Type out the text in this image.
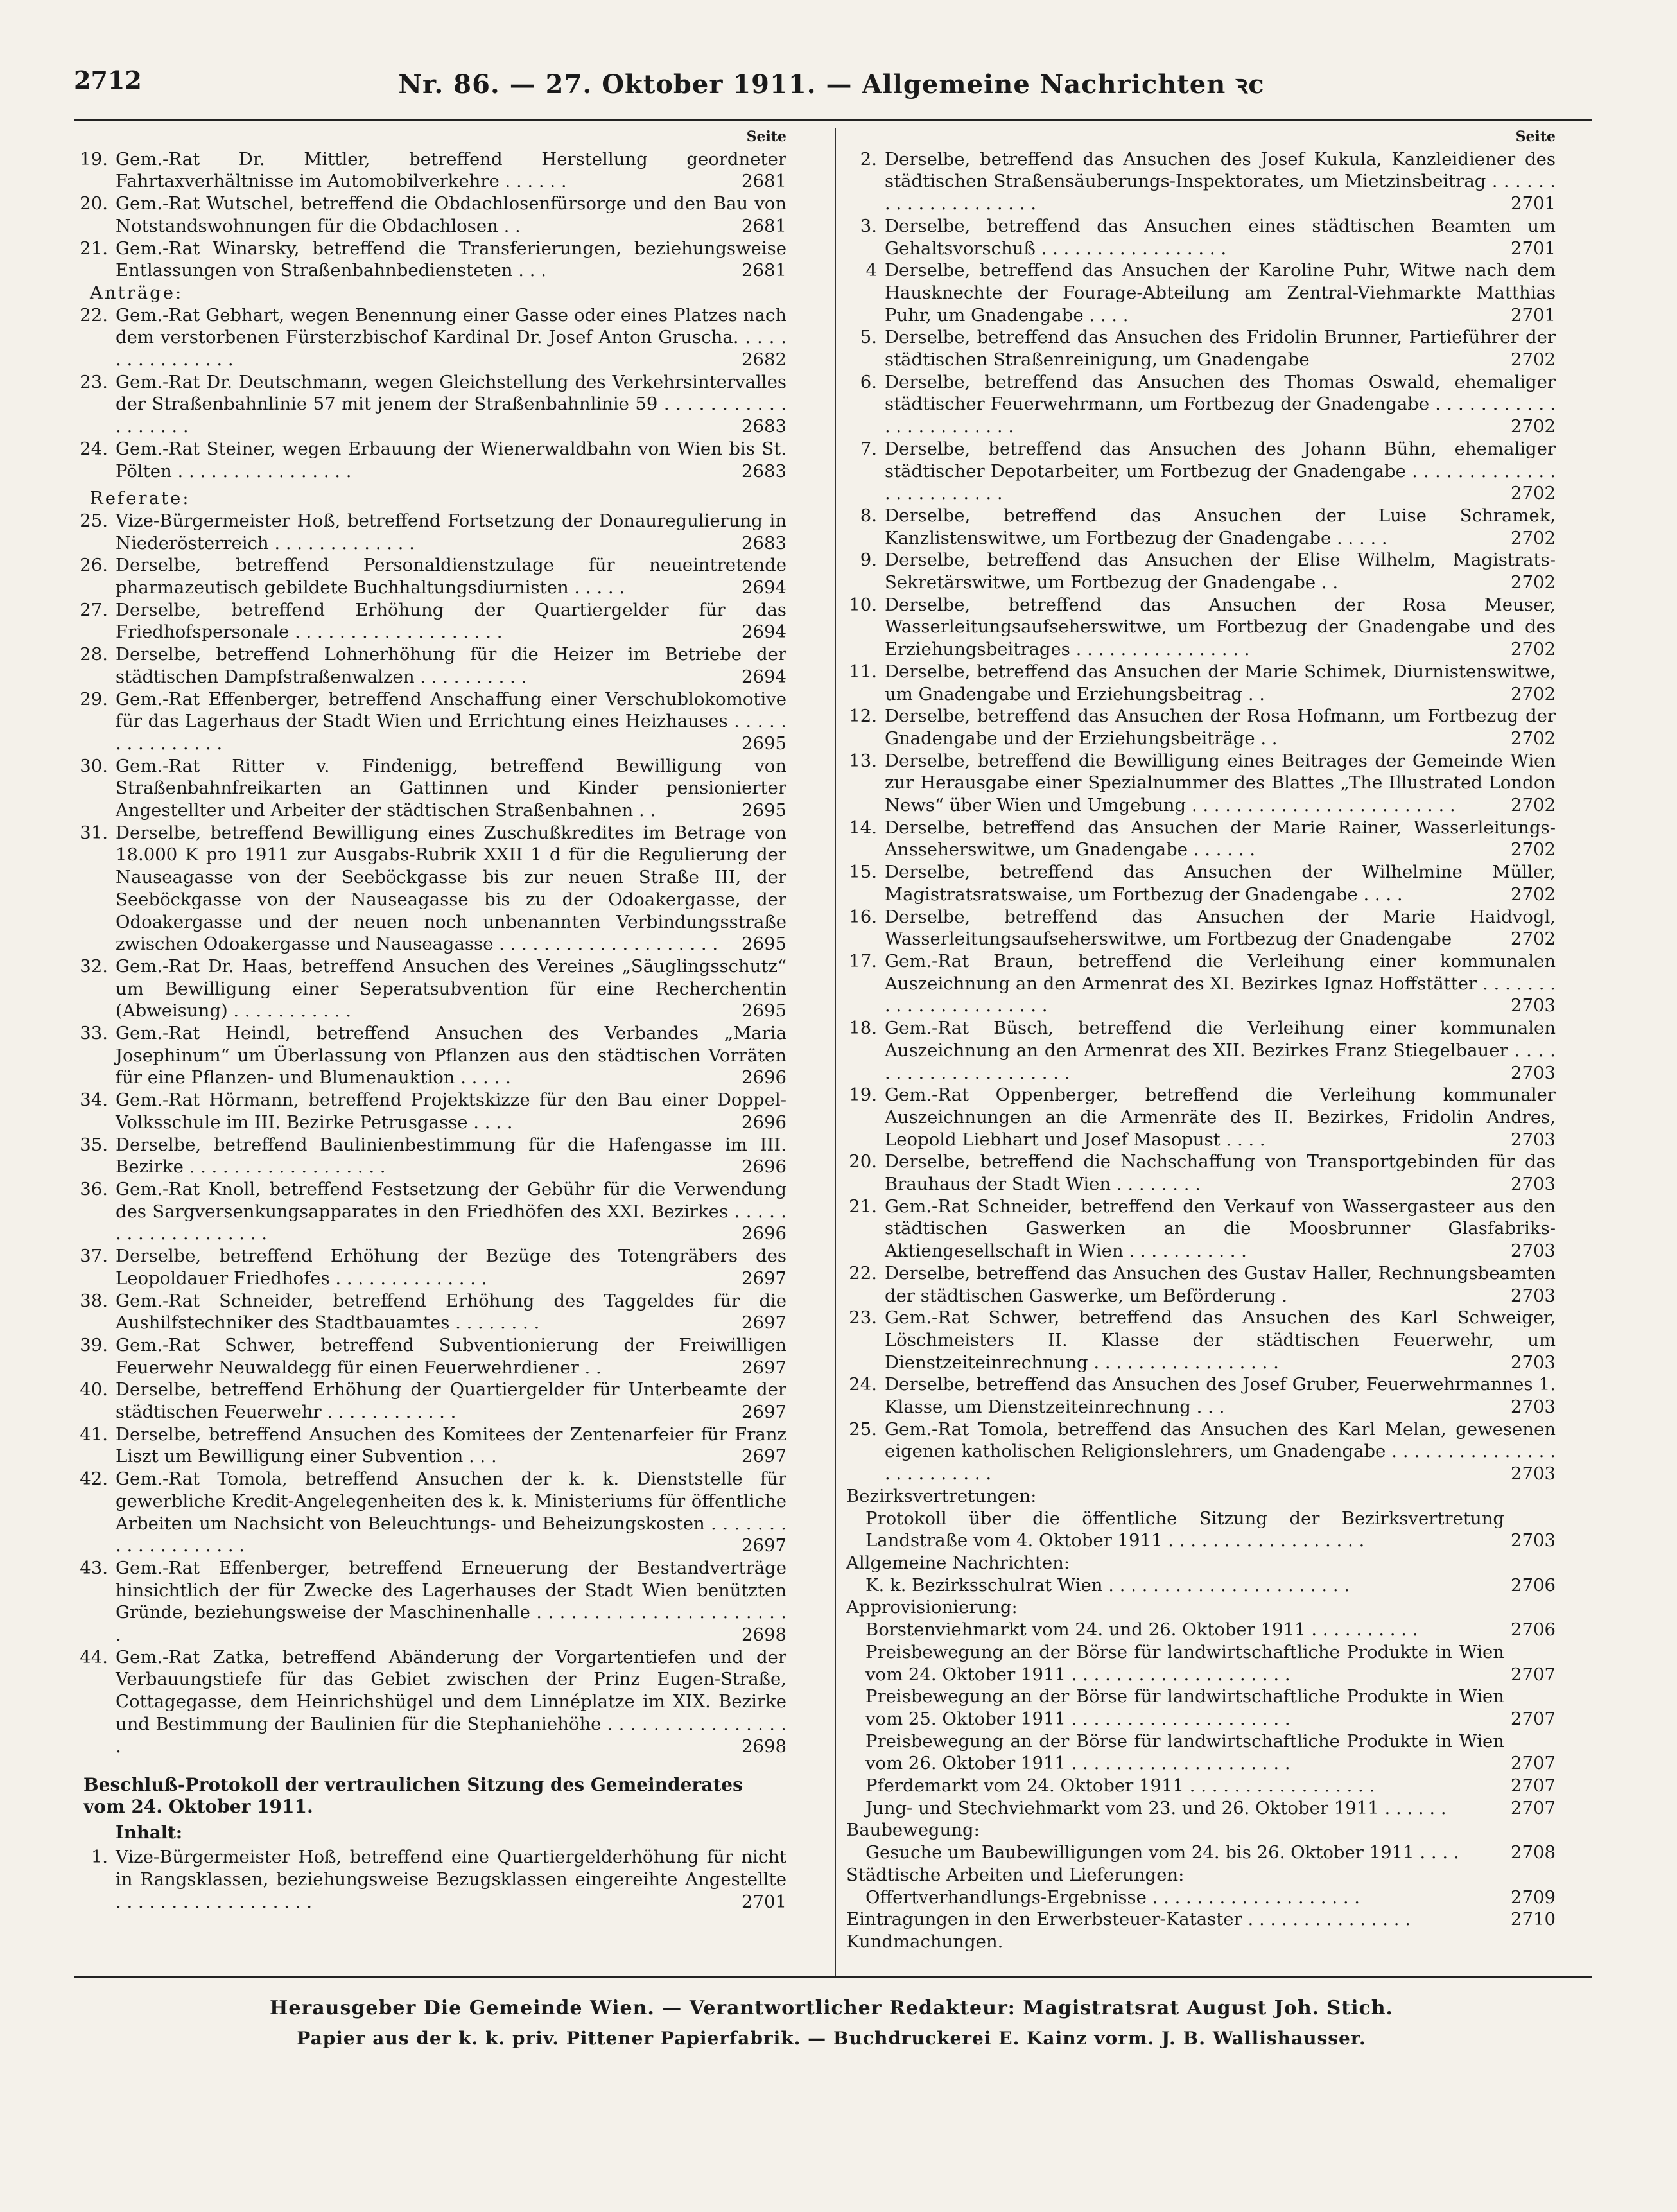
2712	Nr. 86. — 27. Oktober 1911. — Allgemeine Nachrichten ꝛc
Seite
19. Gem.-Rat Dr. Mittler, betreffend Herstellung geordneter Fahrtaxverhältnisse im Automobilverkehre . . . . . .	2681
20. Gem.-Rat Wutschel, betreffend die Obdachlosenfürsorge und den Bau von Notstandswohnungen für die Obdachlosen . .	2681
21. Gem.-Rat Winarsky, betreffend die Transferierungen, beziehungsweise Entlassungen von Straßenbahnbediensteten . . .	2681
Anträge:
22. Gem.-Rat Gebhart, wegen Benennung einer Gasse oder eines Platzes nach dem verstorbenen Fürsterzbischof Kardinal Dr. Josef Anton Gruscha. . . . . . . . . . . . . . . .	2682
23. Gem.-Rat Dr. Deutschmann, wegen Gleichstellung des Verkehrsintervalles der Straßenbahnlinie 57 mit jenem der Straßenbahnlinie 59 . . . . . . . . . . . . . . . . . .	2683
24. Gem.-Rat Steiner, wegen Erbauung der Wienerwaldbahn von Wien bis St. Pölten . . . . . . . . . . . . . . . .	2683
Referate:
25. Vize-Bürgermeister Hoß, betreffend Fortsetzung der Donauregulierung in Niederösterreich . . . . . . . . . . . . .	2683
26. Derselbe, betreffend Personaldienstzulage für neueintretende pharmazeutisch gebildete Buchhaltungsdiurnisten . . . . .	2694
27. Derselbe, betreffend Erhöhung der Quartiergelder für das Friedhofspersonale . . . . . . . . . . . . . . . . . . .	2694
28. Derselbe, betreffend Lohnerhöhung für die Heizer im Betriebe der städtischen Dampfstraßenwalzen . . . . . . . . . .	2694
29. Gem.-Rat Effenberger, betreffend Anschaffung einer Verschublokomotive für das Lagerhaus der Stadt Wien und Errichtung eines Heizhauses . . . . . . . . . . . . . . .	2695
30. Gem.-Rat Ritter v. Findenigg, betreffend Bewilligung von Straßenbahnfreikarten an Gattinnen und Kinder pensionierter Angestellter und Arbeiter der städtischen Straßenbahnen . .	2695
31. Derselbe, betreffend Bewilligung eines Zuschußkredites im Betrage von 18.000 K pro 1911 zur Ausgabs-Rubrik XXII 1 d für die Regulierung der Nauseagasse von der Seeböckgasse bis zur neuen Straße III, der Seeböckgasse von der Nauseagasse bis zu der Odoakergasse, der Odoakergasse und der neuen noch unbenannten Verbindungsstraße zwischen Odoakergasse und Nauseagasse . . . . . . . . . . . . . . . . . . . . 2695
32. Gem.-Rat Dr. Haas, betreffend Ansuchen des Vereines „Säuglingsschutz“ um Bewilligung einer Seperatsubvention für eine Recherchentin (Abweisung) . . . . . . . . . . .	2695
33. Gem.-Rat Heindl, betreffend Ansuchen des Verbandes „Maria Josephinum“ um Überlassung von Pflanzen aus den städtischen Vorräten für eine Pflanzen- und Blumenauktion . . . . .	2696
34. Gem.-Rat Hörmann, betreffend Projektskizze für den Bau einer Doppel-Volksschule im III. Bezirke Petrusgasse . . . .	2696
35. Derselbe, betreffend Baulinienbestimmung für die Hafengasse im III. Bezirke . . . . . . . . . . . . . . . . . .	2696
36. Gem.-Rat Knoll, betreffend Festsetzung der Gebühr für die Verwendung des Sargversenkungsapparates in den Friedhöfen des XXI. Bezirkes . . . . . . . . . . . . . . . . . . .	2696
37. Derselbe, betreffend Erhöhung der Bezüge des Totengräbers des Leopoldauer Friedhofes . . . . . . . . . . . . . .	2697
38. Gem.-Rat Schneider, betreffend Erhöhung des Taggeldes für die Aushilfstechniker des Stadtbauamtes . . . . . . . .	2697
39. Gem.-Rat Schwer, betreffend Subventionierung der Freiwilligen Feuerwehr Neuwaldegg für einen Feuerwehrdiener . .	2697
40. Derselbe, betreffend Erhöhung der Quartiergelder für Unterbeamte der städtischen Feuerwehr . . . . . . . . . . . .	2697
41. Derselbe, betreffend Ansuchen des Komitees der Zentenarfeier für Franz Liszt um Bewilligung einer Subvention . . .	2697
42. Gem.-Rat Tomola, betreffend Ansuchen der k. k. Dienststelle für gewerbliche Kredit-Angelegenheiten des k. k. Ministeriums für öffentliche Arbeiten um Nachsicht von Beleuchtungs- und Beheizungskosten . . . . . . . . . . . . . . . . . . .	2697
43. Gem.-Rat Effenberger, betreffend Erneuerung der Bestandverträge hinsichtlich der für Zwecke des Lagerhauses der Stadt Wien benützten Gründe, beziehungsweise der Maschinenhalle . . . . . . . . . . . . . . . . . . . . . . .	2698
44. Gem.-Rat Zatka, betreffend Abänderung der Vorgartentiefen und der Verbauungstiefe für das Gebiet zwischen der Prinz Eugen-Straße, Cottagegasse, dem Heinrichshügel und dem Linnéplatze im XIX. Bezirke und Bestimmung der Baulinien für die Stephaniehöhe . . . . . . . . . . . . . . . . .	2698
Beschluß-Protokoll der vertraulichen Sitzung des Gemeinderates vom 24. Oktober 1911.
Inhalt:
1. Vize-Bürgermeister Hoß, betreffend eine Quartiergelderhöhung für nicht in Rangsklassen, beziehungsweise Bezugsklassen eingereihte Angestellte . . . . . . . . . . . . . . . . . .	2701
Seite
2. Derselbe, betreffend das Ansuchen des Josef Kukula, Kanzleidiener des städtischen Straßensäuberungs-Inspektorates, um Mietzinsbeitrag . . . . . . . . . . . . . . . . . . . .	2701
3. Derselbe, betreffend das Ansuchen eines städtischen Beamten um Gehaltsvorschuß . . . . . . . . . . . . . . . . .	2701
4 Derselbe, betreffend das Ansuchen der Karoline Puhr, Witwe nach dem Hausknechte der Fourage-Abteilung am Zentral-Viehmarkte Matthias Puhr, um Gnadengabe . . . .	2701
5. Derselbe, betreffend das Ansuchen des Fridolin Brunner, Partieführer der städtischen Straßenreinigung, um Gnadengabe	2702
6. Derselbe, betreffend das Ansuchen des Thomas Oswald, ehemaliger städtischer Feuerwehrmann, um Fortbezug der Gnadengabe . . . . . . . . . . . . . . . . . . . . . . .	2702
7. Derselbe, betreffend das Ansuchen des Johann Bühn, ehemaliger städtischer Depotarbeiter, um Fortbezug der Gnadengabe . . . . . . . . . . . . . . . . . . . . . . . .	2702
8. Derselbe, betreffend das Ansuchen der Luise Schramek, Kanzlistenswitwe, um Fortbezug der Gnadengabe . . . . .	2702
9. Derselbe, betreffend das Ansuchen der Elise Wilhelm, Magistrats-Sekretärswitwe, um Fortbezug der Gnadengabe . .	2702
10. Derselbe, betreffend das Ansuchen der Rosa Meuser, Wasserleitungsaufseherswitwe, um Fortbezug der Gnadengabe und des Erziehungsbeitrages . . . . . . . . . . . . . . . .	2702
11. Derselbe, betreffend das Ansuchen der Marie Schimek, Diurnistenswitwe, um Gnadengabe und Erziehungsbeitrag . .	2702
12. Derselbe, betreffend das Ansuchen der Rosa Hofmann, um Fortbezug der Gnadengabe und der Erziehungsbeiträge . .	2702
13. Derselbe, betreffend die Bewilligung eines Beitrages der Gemeinde Wien zur Herausgabe einer Spezialnummer des Blattes „The Illustrated London News“ über Wien und Umgebung . . . . . . . . . . . . . . . . . . . . . . . .	2702
14. Derselbe, betreffend das Ansuchen der Marie Rainer, Wasserleitungs-Ansseherswitwe, um Gnadengabe . . . . . .	2702
15. Derselbe, betreffend das Ansuchen der Wilhelmine Müller, Magistratsratswaise, um Fortbezug der Gnadengabe . . . .	2702
16. Derselbe, betreffend das Ansuchen der Marie Haidvogl, Wasserleitungsaufseherswitwe, um Fortbezug der Gnadengabe	2702
17. Gem.-Rat Braun, betreffend die Verleihung einer kommunalen Auszeichnung an den Armenrat des XI. Bezirkes Ignaz Hoffstätter . . . . . . . . . . . . . . . . . . . . . .	2703
18. Gem.-Rat Büsch, betreffend die Verleihung einer kommunalen Auszeichnung an den Armenrat des XII. Bezirkes Franz Stiegelbauer . . . . . . . . . . . . . . . . . . . . .	2703
19. Gem.-Rat Oppenberger, betreffend die Verleihung kommunaler Auszeichnungen an die Armenräte des II. Bezirkes, Fridolin Andres, Leopold Liebhart und Josef Masopust . . . .	2703
20. Derselbe, betreffend die Nachschaffung von Transportgebinden für das Brauhaus der Stadt Wien . . . . . . . .	2703
21. Gem.-Rat Schneider, betreffend den Verkauf von Wassergasteer aus den städtischen Gaswerken an die Moosbrunner Glasfabriks-Aktiengesellschaft in Wien . . . . . . . . . . .	2703
22. Derselbe, betreffend das Ansuchen des Gustav Haller, Rechnungsbeamten der städtischen Gaswerke, um Beförderung .	2703
23. Gem.-Rat Schwer, betreffend das Ansuchen des Karl Schweiger, Löschmeisters II. Klasse der städtischen Feuerwehr, um Dienstzeiteinrechnung . . . . . . . . . . . . . . . . .	2703
24. Derselbe, betreffend das Ansuchen des Josef Gruber, Feuerwehrmannes 1. Klasse, um Dienstzeiteinrechnung . . .	2703
25. Gem.-Rat Tomola, betreffend das Ansuchen des Karl Melan, gewesenen eigenen katholischen Religionslehrers, um Gnadengabe . . . . . . . . . . . . . . . . . . . . . . . . .	2703
Bezirksvertretungen:
Protokoll über die öffentliche Sitzung der Bezirksvertretung Landstraße vom 4. Oktober 1911 . . . . . . . . . . . . . . . . . .	2703
Allgemeine Nachrichten:
K. k. Bezirksschulrat Wien . . . . . . . . . . . . . . . . . . . . . .	2706
Approvisionierung:
Borstenviehmarkt vom 24. und 26. Oktober 1911 . . . . . . . . . .	2706
Preisbewegung an der Börse für landwirtschaftliche Produkte in Wien vom 24. Oktober 1911 . . . . . . . . . . . . . . . . . . . .	2707
Preisbewegung an der Börse für landwirtschaftliche Produkte in Wien vom 25. Oktober 1911 . . . . . . . . . . . . . . . . . . . .	2707
Preisbewegung an der Börse für landwirtschaftliche Produkte in Wien vom 26. Oktober 1911 . . . . . . . . . . . . . . . . . . . .	2707
Pferdemarkt vom 24. Oktober 1911 . . . . . . . . . . . . . . . . .	2707
Jung- und Stechviehmarkt vom 23. und 26. Oktober 1911 . . . . . .	2707
Baubewegung:
Gesuche um Baubewilligungen vom 24. bis 26. Oktober 1911 . . . .	2708
Städtische Arbeiten und Lieferungen:
Offertverhandlungs-Ergebnisse . . . . . . . . . . . . . . . . . . .	2709
Eintragungen in den Erwerbsteuer-Kataster . . . . . . . . . . . . . . .	2710
Kundmachungen.
Herausgeber Die Gemeinde Wien. — Verantwortlicher Redakteur: Magistratsrat August Joh. Stich.
Papier aus der k. k. priv. Pittener Papierfabrik. — Buchdruckerei E. Kainz vorm. J. B. Wallishausser.
